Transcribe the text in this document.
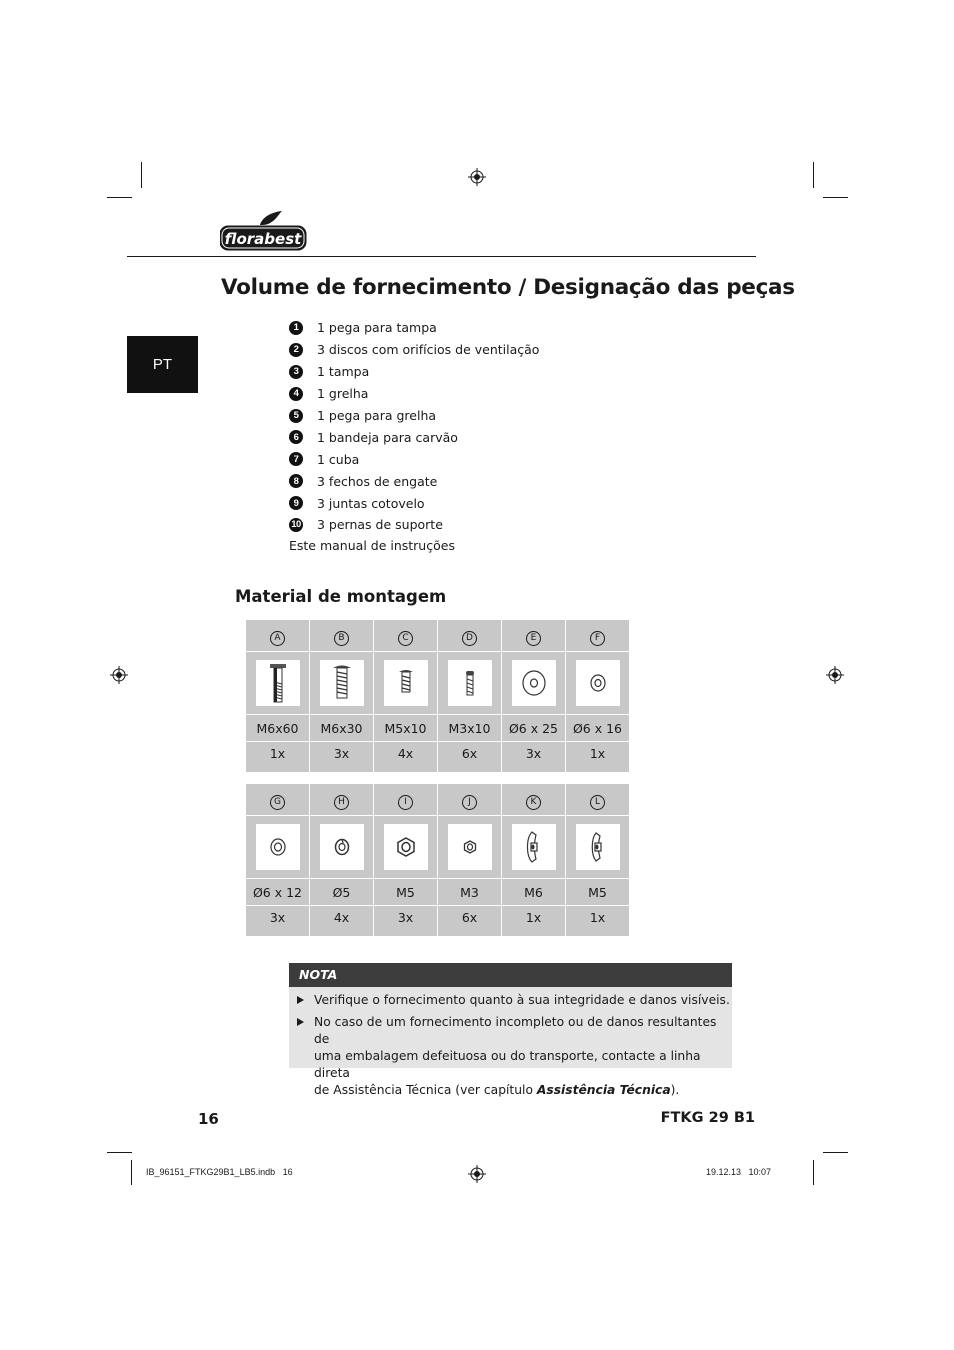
florabest
PT
Volume de fornecimento / Designação das peças
1	1 pega para tampa
2	3 discos com orifícios de ventilação
3	1 tampa
4	1 grelha
5	1 pega para grelha
6	1 bandeja para carvão
7	1 cuba
8	3 fechos de engate
9	3 juntas cotovelo
10 3 pernas de suporte
Este manual de instruções
Material de montagem
A	B	C	D	E	F

M6x60	M6x30	M5x10	M3x10	Ø6 x 25	Ø6 x 16
1x	3x	4x	6x	3x	1x
G	H	I	J	K	L

Ø6 x 12	Ø5	M5	M3	M6	M5
3x	4x	3x	6x	1x	1x
NOTA
Verifique o fornecimento quanto à sua integridade e danos visíveis.
No caso de um fornecimento incompleto ou de danos resultantes de
uma embalagem defeituosa ou do transporte, contacte a linha direta
de Assistência Técnica (ver capítulo Assistência Técnica).
16	FTKG 29 B1
IB_96151_FTKG29B1_LB5.indb   16	19.12.13   10:07
